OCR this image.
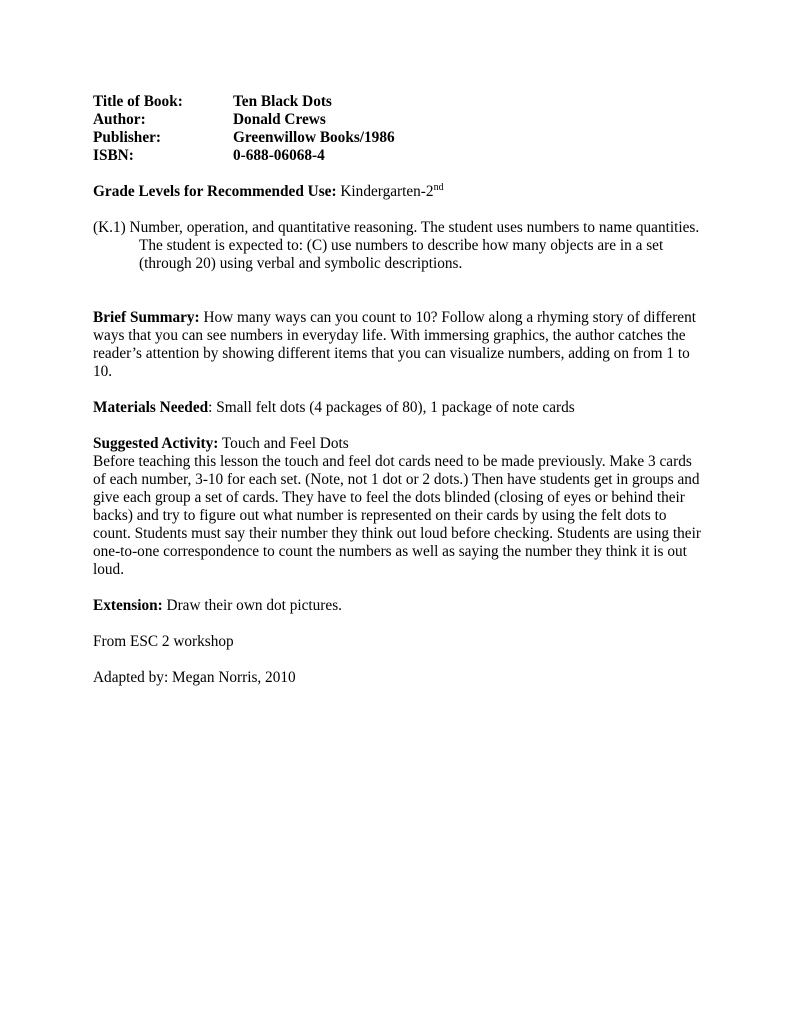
Title of Book:	Ten Black Dots
Author:	Donald Crews
Publisher:	Greenwillow Books/1986
ISBN:	0-688-06068-4

Grade Levels for Recommended Use: Kindergarten-2nd

(K.1) Number, operation, and quantitative reasoning. The student uses numbers to name quantities. The student is expected to: (C) use numbers to describe how many objects are in a set (through 20) using verbal and symbolic descriptions.

Brief Summary: How many ways can you count to 10? Follow along a rhyming story of different ways that you can see numbers in everyday life. With immersing graphics, the author catches the reader’s attention by showing different items that you can visualize numbers, adding on from 1 to 10.

Materials Needed: Small felt dots (4 packages of 80), 1 package of note cards

Suggested Activity: Touch and Feel Dots

Before teaching this lesson the touch and feel dot cards need to be made previously. Make 3 cards of each number, 3-10 for each set. (Note, not 1 dot or 2 dots.) Then have students get in groups and give each group a set of cards. They have to feel the dots blinded (closing of eyes or behind their backs) and try to figure out what number is represented on their cards by using the felt dots to count. Students must say their number they think out loud before checking. Students are using their one-to-one correspondence to count the numbers as well as saying the number they think it is out loud.

Extension: Draw their own dot pictures.

From ESC 2 workshop

Adapted by: Megan Norris, 2010
